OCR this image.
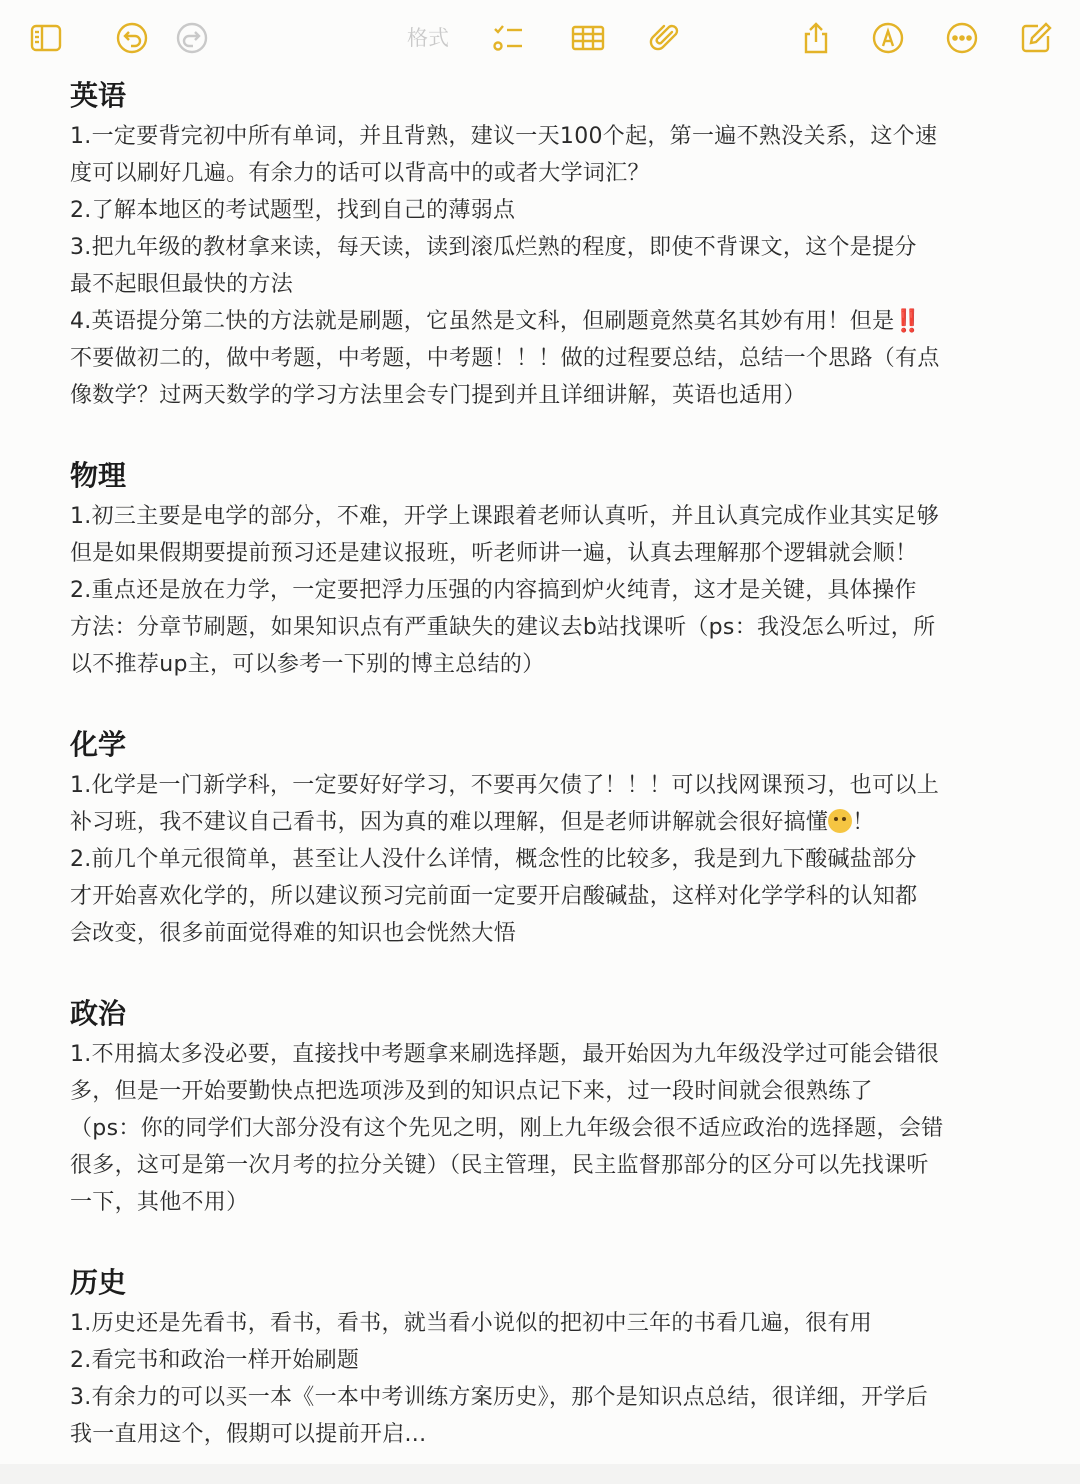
格式
英语

1.一定要背完初中所有单词，并且背熟，建议一天100个起，第一遍不熟没关系，这个速

度可以刷好几遍。有余力的话可以背高中的或者大学词汇？

2.了解本地区的考试题型，找到自己的薄弱点

3.把九年级的教材拿来读，每天读，读到滚瓜烂熟的程度，即使不背课文，这个是提分

最不起眼但最快的方法

4.英语提分第二快的方法就是刷题，它虽然是文科，但刷题竟然莫名其妙有用！但是‼️

不要做初二的，做中考题，中考题，中考题！！！做的过程要总结，总结一个思路（有点

像数学？过两天数学的学习方法里会专门提到并且详细讲解，英语也适用）

物理

1.初三主要是电学的部分，不难，开学上课跟着老师认真听，并且认真完成作业其实足够

但是如果假期要提前预习还是建议报班，听老师讲一遍，认真去理解那个逻辑就会顺！

2.重点还是放在力学，一定要把浮力压强的内容搞到炉火纯青，这才是关键，具体操作

方法：分章节刷题，如果知识点有严重缺失的建议去b站找课听（ps：我没怎么听过，所

以不推荐up主，可以参考一下别的博主总结的）

化学

1.化学是一门新学科，一定要好好学习，不要再欠债了！！！可以找网课预习，也可以上

补习班，我不建议自己看书，因为真的难以理解，但是老师讲解就会很好搞懂 ！

2.前几个单元很简单，甚至让人没什么详情，概念性的比较多，我是到九下酸碱盐部分

才开始喜欢化学的，所以建议预习完前面一定要开启酸碱盐，这样对化学学科的认知都

会改变，很多前面觉得难的知识也会恍然大悟

政治

1.不用搞太多没必要，直接找中考题拿来刷选择题，最开始因为九年级没学过可能会错很

多，但是一开始要勤快点把选项涉及到的知识点记下来，过一段时间就会很熟练了

（ps：你的同学们大部分没有这个先见之明，刚上九年级会很不适应政治的选择题，会错

很多，这可是第一次月考的拉分关键）（民主管理，民主监督那部分的区分可以先找课听

一下，其他不用）

历史

1.历史还是先看书，看书，看书，就当看小说似的把初中三年的书看几遍，很有用

2.看完书和政治一样开始刷题

3.有余力的可以买一本《一本中考训练方案历史》，那个是知识点总结，很详细，开学后

我一直用这个，假期可以提前开启...
